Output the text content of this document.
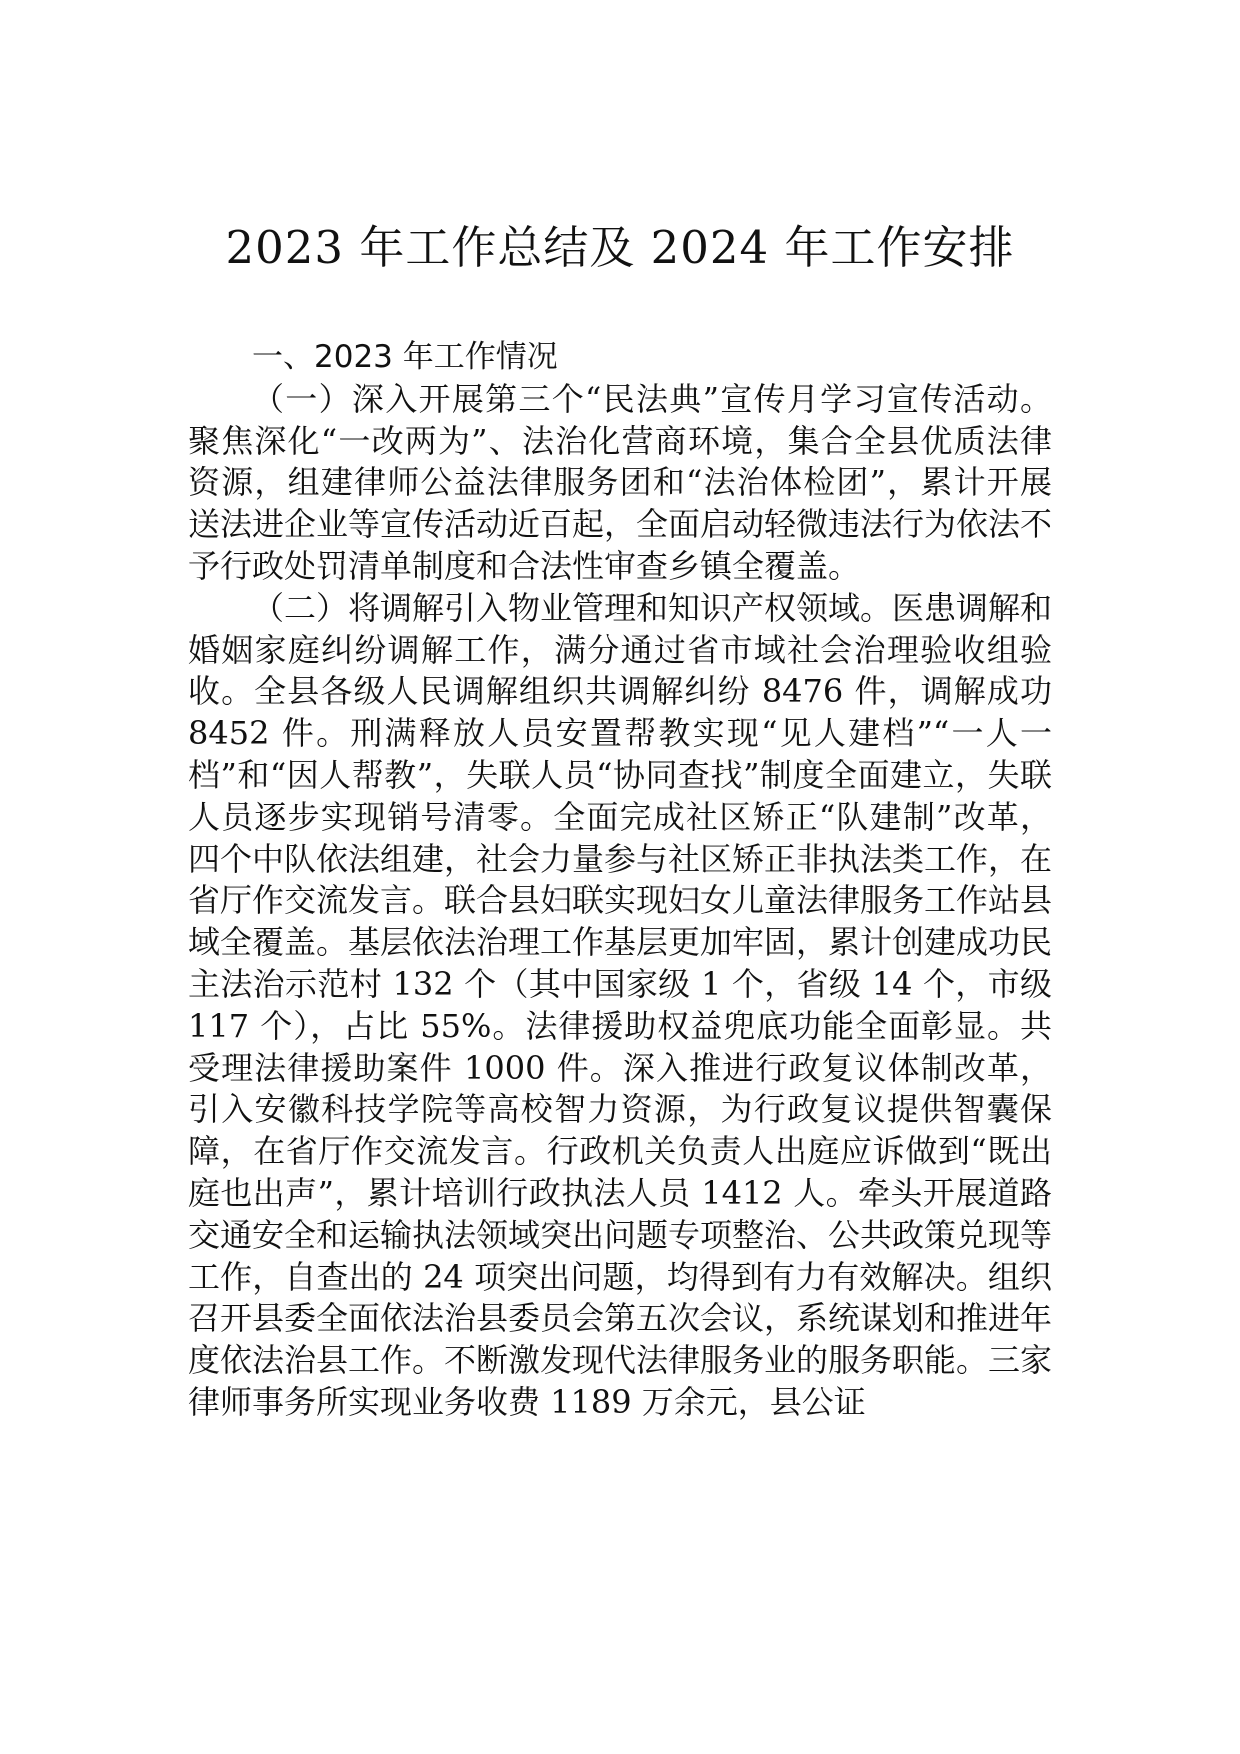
2023 年工作总结及 2024 年工作安排
一、2023 年工作情况

（一）深入开展第三个“民法典”宣传月学习宣传活动。聚焦深化“一改两为”、法治化营商环境，集合全县优质法律资源，组建律师公益法律服务团和“法治体检团”，累计开展送法进企业等宣传活动近百起，全面启动轻微违法行为依法不予行政处罚清单制度和合法性审查乡镇全覆盖。

（二）将调解引入物业管理和知识产权领域。医患调解和婚姻家庭纠纷调解工作，满分通过省市域社会治理验收组验收。全县各级人民调解组织共调解纠纷 8476 件，调解成功 8452 件。刑满释放人员安置帮教实现“见人建档”“一人一档”和“因人帮教”，失联人员“协同查找”制度全面建立，失联人员逐步实现销号清零。全面完成社区矫正“队建制”改革，四个中队依法组建，社会力量参与社区矫正非执法类工作，在省厅作交流发言。联合县妇联实现妇女儿童法律服务工作站县域全覆盖。基层依法治理工作基层更加牢固，累计创建成功民主法治示范村 132 个（其中国家级 1 个，省级 14 个，市级 117 个），占比 55%。法律援助权益兜底功能全面彰显。共受理法律援助案件 1000 件。深入推进行政复议体制改革，引入安徽科技学院等高校智力资源，为行政复议提供智囊保障，在省厅作交流发言。行政机关负责人出庭应诉做到“既出庭也出声”，累计培训行政执法人员 1412 人。牵头开展道路交通安全和运输执法领域突出问题专项整治、公共政策兑现等工作，自查出的 24 项突出问题，均得到有力有效解决。组织召开县委全面依法治县委员会第五次会议，系统谋划和推进年度依法治县工作。不断激发现代法律服务业的服务职能。三家律师事务所实现业务收费 1189 万余元，县公证
